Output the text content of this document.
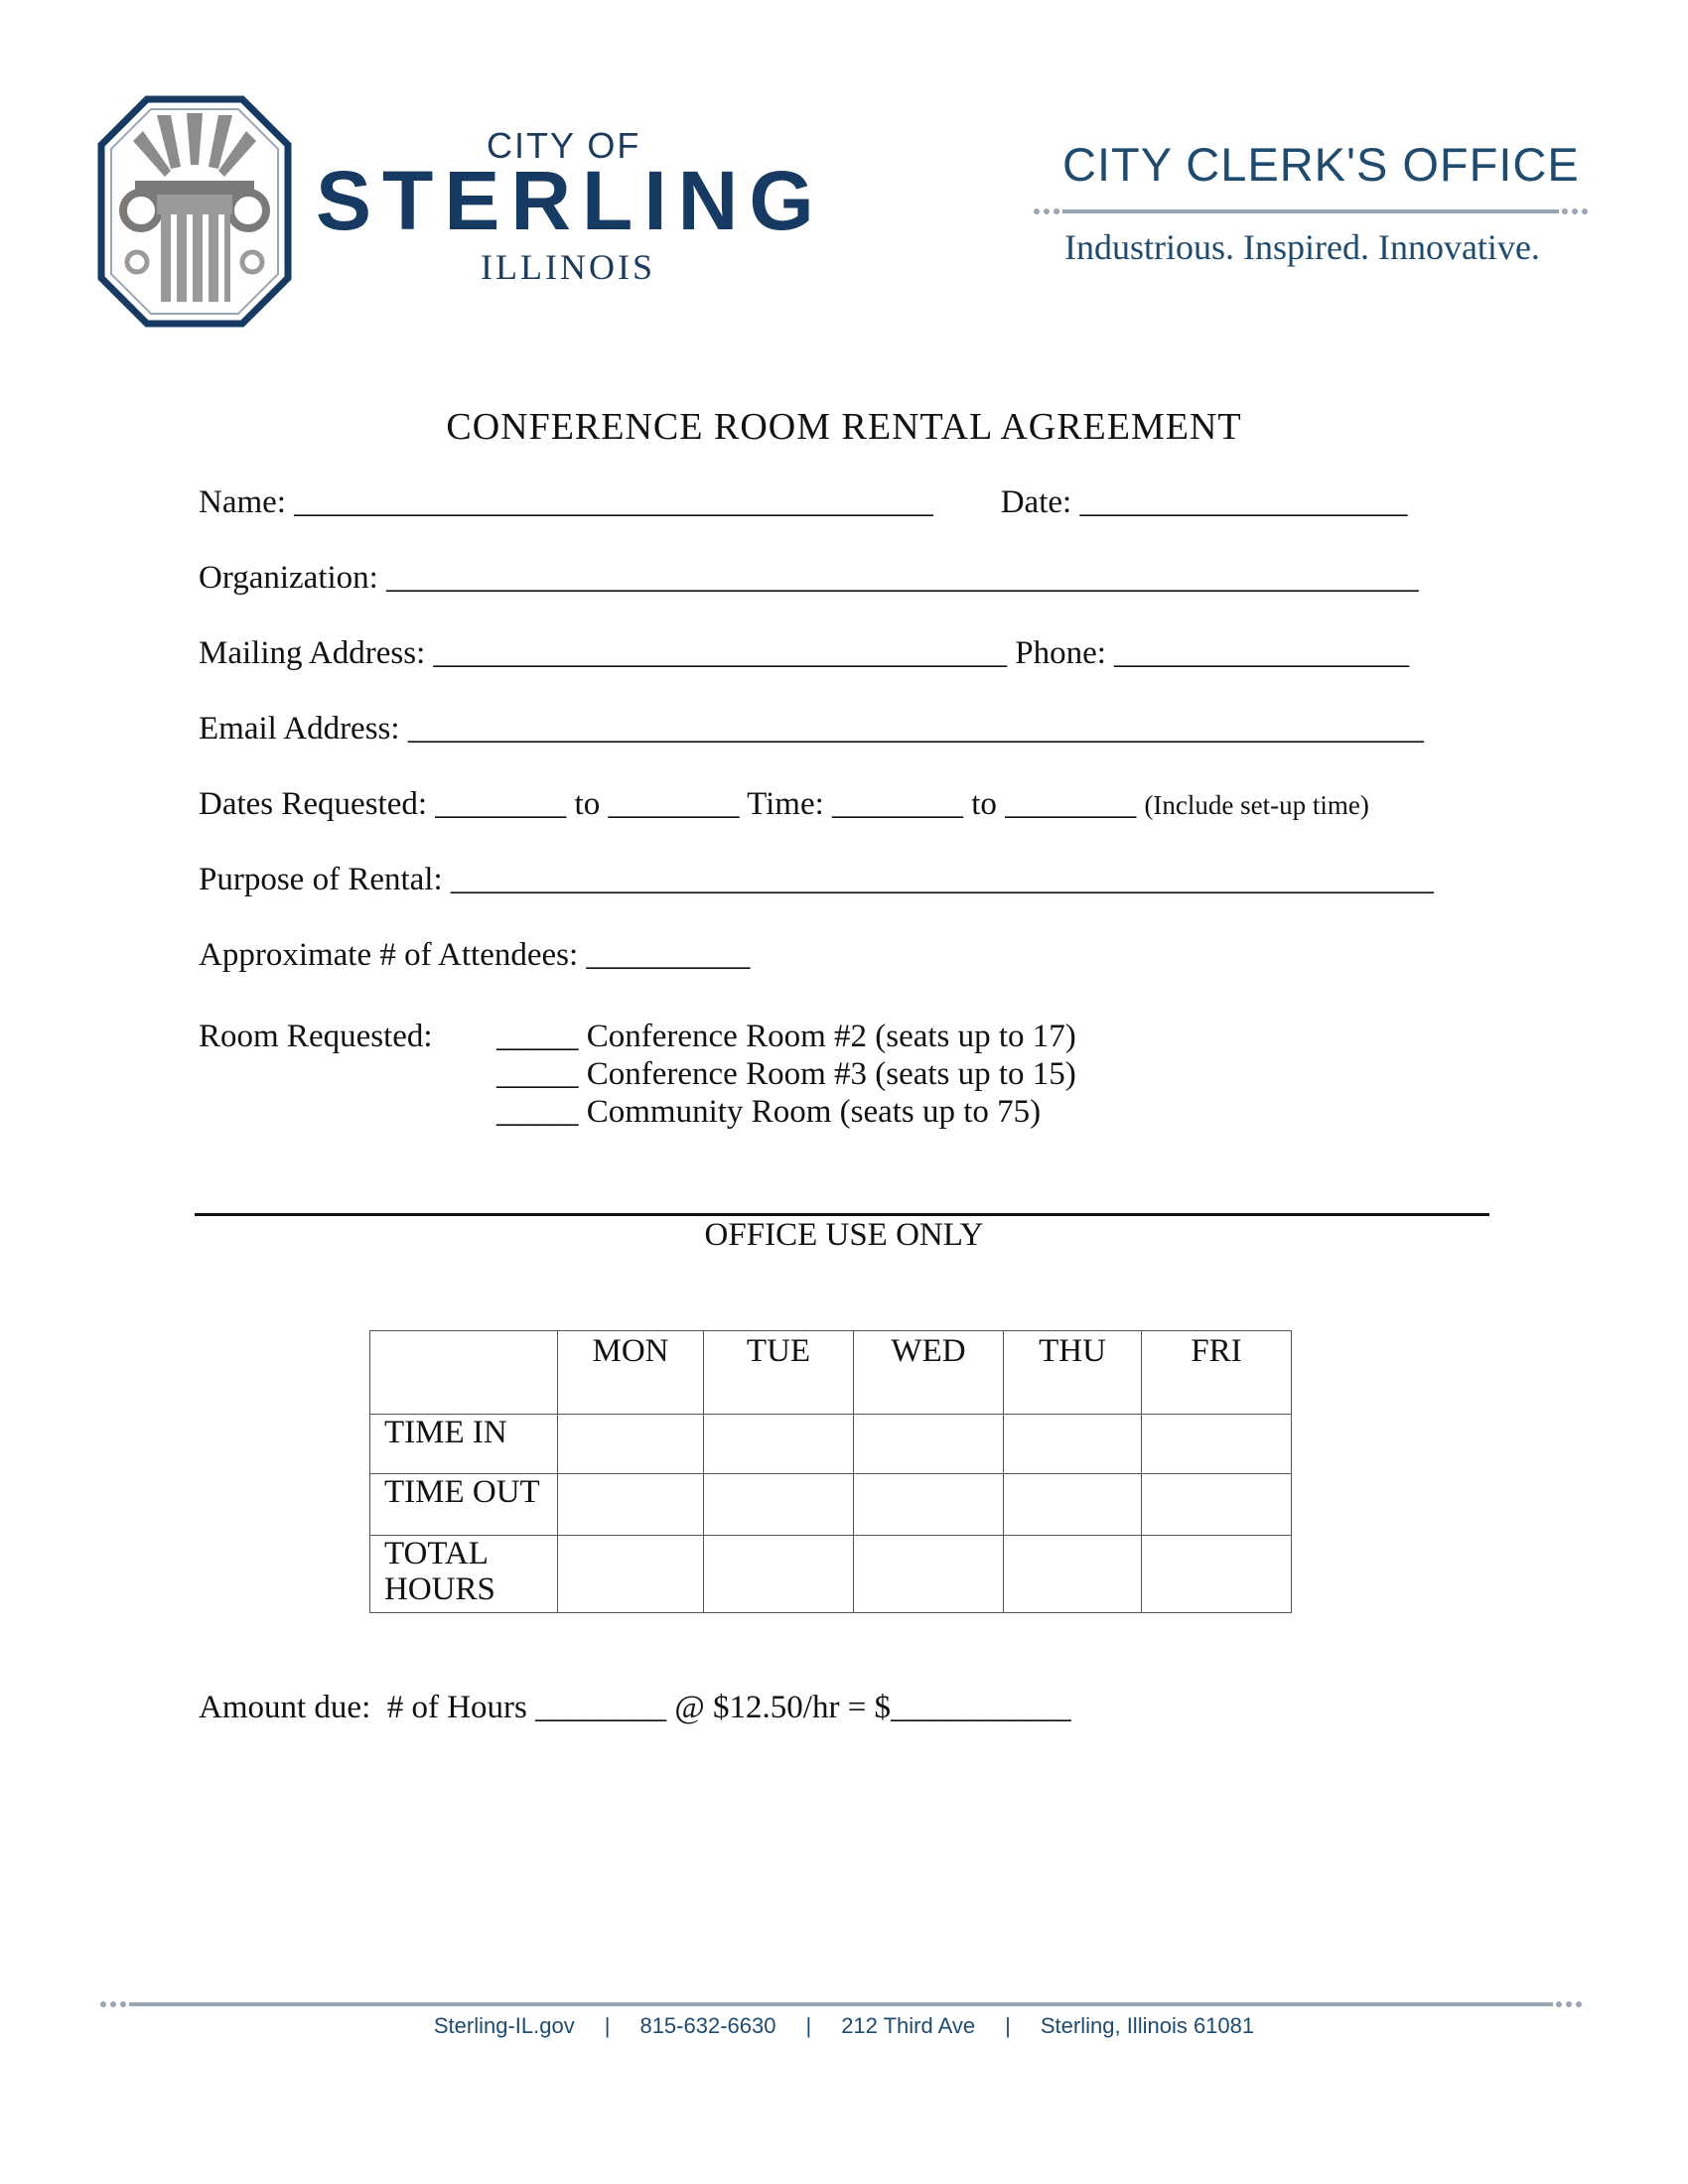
CITY OF
STERLING
ILLINOIS
CITY CLERK'S OFFICE
Industrious. Inspired. Innovative.
CONFERENCE ROOM RENTAL AGREEMENT
Name: _______________________________________ Date: ____________________
Organization: _______________________________________________________________
Mailing Address: ___________________________________ Phone: __________________
Email Address: ______________________________________________________________
Dates Requested: ________ to ________ Time: ________ to ________ (Include set-up time)
Purpose of Rental: ____________________________________________________________
Approximate # of Attendees: __________
Room Requested: _____ Conference Room #2 (seats up to 17)
_____ Conference Room #3 (seats up to 15)
_____ Community Room (seats up to 75)
OFFICE USE ONLY
	MON	TUE	WED	THU	FRI
TIME IN					
TIME OUT					
TOTAL HOURS					
Amount due: # of Hours ________ @ $12.50/hr = $___________
Sterling-IL.gov | 815-632-6630 | 212 Third Ave | Sterling, Illinois 61081
